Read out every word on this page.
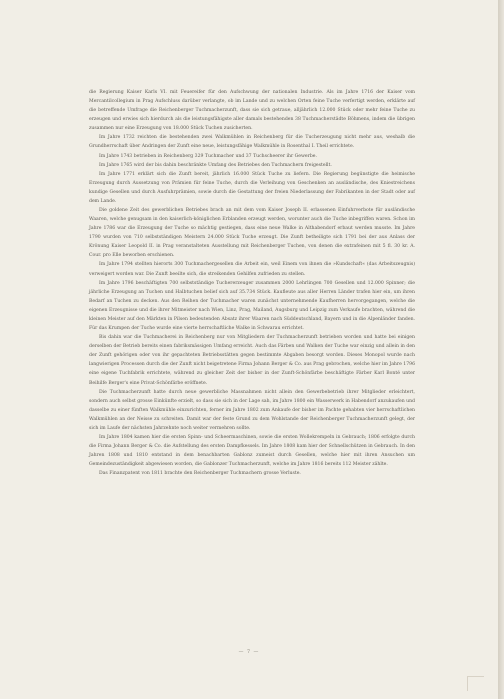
die Regierung Kaiser Karls VI. mit Feuereifer für den Aufschwung der nationalen Industrie. Als im Jahre 1716 der Kaiser vom Mercantilcollegium in Prag Aufschluss darüber verlangte, ob im Lande und zu welchen Orten feine Tuche verfertigt werden, erklärte auf die betreffende Umfrage die Reichenberger Tuchmacherzunft, dass sie sich getraue, alljährlich 12.000 Stück oder mehr feine Tuche zu erzeugen und erwies sich hierdurch als die leistungsfähigste aller damals bestehenden 38 Tuchmacherstädte Böhmens, indem die übrigen zusammen nur eine Erzeugung von 18.000 Stück Tuchen zusicherten.

Im Jahre 1732 reichten die bestehenden zwei Walkmühlen in Reichenberg für die Tucherzeugung nicht mehr aus, weshalb die Grundherrschaft über Andringen der Zunft eine neue, leistungsfähige Walkmühle in Rosenthal I. Theil errichtete.

Im Jahre 1743 betrieben in Reichenberg 329 Tuchmacher und 37 Tuchscheerer ihr Gewerbe.

Im Jahre 1765 wird der bis dahin beschränkte Umfang des Betriebes den Tuchmachern freigestellt.

Im Jahre 1771 erklärt sich die Zunft bereit, jährlich 16.000 Stück Tuche zu liefern. Die Regierung begünstigte die heimische Erzeugung durch Aussetzung von Prämien für feine Tuche, durch die Verleihung von Geschenken an ausländische, des Kniestreichens kundige Gesellen und durch Ausfuhrprämien, sowie durch die Gestattung der freien Niederlassung der Fabrikanten in der Stadt oder auf dem Lande.

Die goldene Zeit des gewerblichen Betriebes brach an mit dem vom Kaiser Joseph II. erlassenen Einfuhrverbote für ausländische Waaren, welche genugsam in den kaiserlich-königlichen Erblanden erzeugt werden, worunter auch die Tuche inbegriffen waren. Schon im Jahre 1786 war die Erzeugung der Tuche so mächtig gestiegen, dass eine neue Walke in Althabendorf erbaut werden musste. Im Jahre 1790 wurden von 710 selbstständigen Meistern 24.000 Stück Tuche erzeugt. Die Zunft betheiligte sich 1791 bei der aus Anlass der Krönung Kaiser Leopold II. in Prag veranstalteten Ausstellung mit Reichenberger Tuchen, von denen die extrafeinen mit 5 fl. 30 kr. A. Cour. pro Elle beworben erschienen.

Im Jahre 1794 stellten hierorts 300 Tuchmachergesellen die Arbeit ein, weil Einem von ihnen die »Kundschaft« (das Arbeitszeugnis) verweigert worden war. Die Zunft beeilte sich, die streikenden Gehilfen zufrieden zu stellen.

Im Jahre 1796 beschäftigten 700 selbstständige Tuchererzeuger zusammen 2000 Lehrlingen 700 Gesellen und 12.000 Spinner; die jährliche Erzeugung an Tuchen und Halbtuchen belief sich auf 35.734 Stück. Kaufleute aus aller Herren Länder trafen hier ein, um ihren Bedarf an Tuchen zu decken. Aus den Reihen der Tuchmacher waren zunächst unternehmende Kaufherren hervorgegangen, welche die eigenen Erzeugnisse und die ihrer Mitmeister nach Wien, Linz, Prag, Mailand, Augsburg und Leipzig zum Verkaufe brachten, während die kleinen Meister auf den Märkten in Pilsen bedeutenden Absatz ihrer Waaren nach Süddeutschland, Bayern und in die Alpenländer fanden. Für das Krumpen der Tuche wurde eine vierte herrschaftliche Walke in Schwarau errichtet.

Bis dahin war die Tuchmacherei in Reichenberg nur von Mitgliedern der Tuchmacherzunft betrieben worden und hatte bei einigen derselben der Betrieb bereits einen fabriksmässigen Umfang erreicht. Auch das Färben und Walken der Tuche war einzig und allein in den der Zunft gehörigen oder von ihr gepachteten Betriebsstätten gegen bestimmte Abgaben besorgt worden. Dieses Monopol wurde nach langwierigen Processen durch die der Zunft nicht beigetretene Firma Johann Berger & Co. aus Prag gebrochen, welche hier im Jahre 1796 eine eigene Tuchfabrik errichtete, während zu gleicher Zeit der bisher in der Zunft-Schönfärbe beschäftigte Färber Karl Bonté unter Beihilfe Berger's eine Privat-Schönfärbe eröffnete.

Die Tuchmacherzunft hatte durch neue gewerbliche Massnahmen nicht allein den Gewerbebetrieb ihrer Mitglieder erleichtert, sondern auch selbst grosse Einkünfte erzielt, so dass sie sich in der Lage sah, im Jahre 1800 ein Wasserwerk in Habendorf anzukaufen und dasselbe zu einer fünften Walkmühle einzurichten, ferner im Jahre 1802 zum Ankaufe der bisher im Pachte gehabten vier herrschaftlichen Walkmühlen an der Neisse zu schreiten. Damit war der feste Grund zu dem Wohlstande der Reichenberger Tuchmacherzunft gelegt, der sich im Laufe der nächsten Jahrzehnte noch weiter vermehren sollte.

Im Jahre 1804 kamen hier die ersten Spinn- und Scheermaschinen, sowie die ersten Wollekrempeln in Gebrauch; 1806 erfolgte durch die Firma Johann Berger & Co. die Aufstellung des ersten Dampfkessels. Im Jahre 1808 kam hier der Schnellschützen in Gebrauch. In den Jahren 1808 und 1810 entstand in dem benachbarten Gablonz zumeist durch Gesellen, welche hier mit ihren Ansuchen um Gemeindezuständigkeit abgewiesen worden, die Gablonzer Tuchmacherzunft, welche im Jahre 1816 bereits 112 Meister zählte.

Das Finanzpatent von 1811 brachte den Reichenberger Tuchmachern grosse Verluste.

— 7 —
